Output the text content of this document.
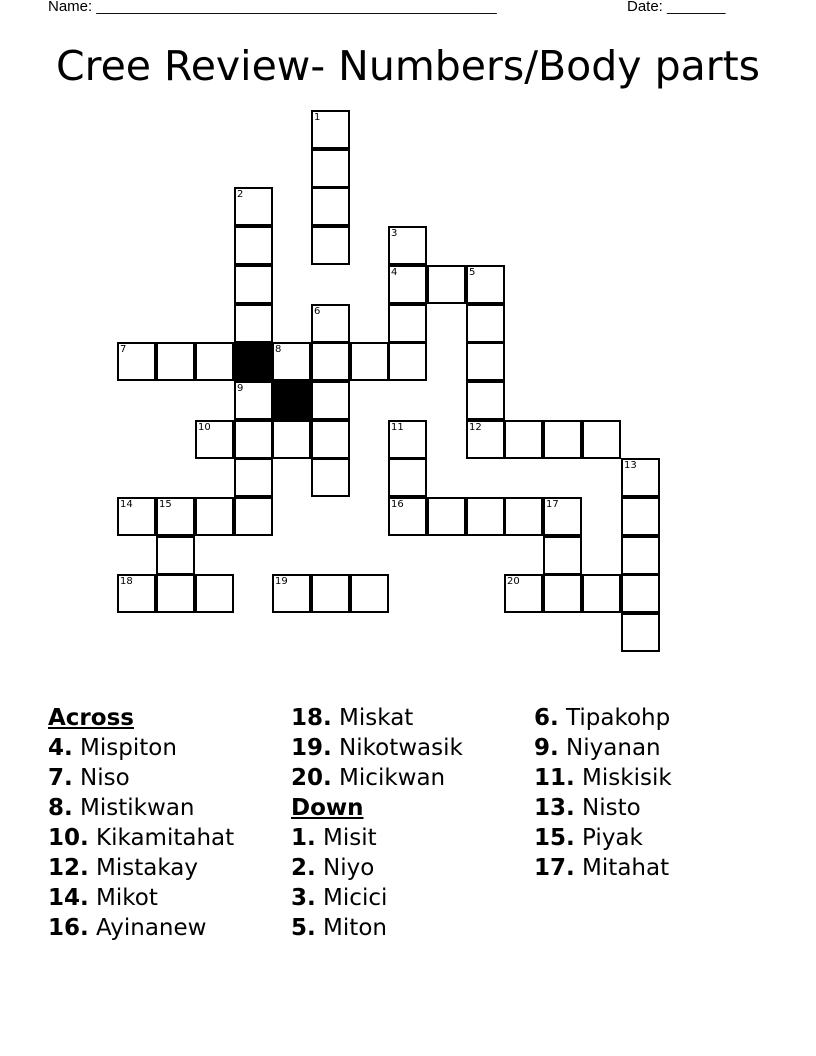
Name: ________________________________________________	Date: _______
Cree Review- Numbers/Body parts
1
2
3
4	5
6
7	8
9
10	11	12
13
14	15	16	17
18	19	20
Across
4. Mispiton
7. Niso
8. Mistikwan
10. Kikamitahat
12. Mistakay
14. Mikot
16. Ayinanew
18. Miskat
19. Nikotwasik
20. Micikwan
Down
1. Misit
2. Niyo
3. Micici
5. Miton
6. Tipakohp
9. Niyanan
11. Miskisik
13. Nisto
15. Piyak
17. Mitahat
